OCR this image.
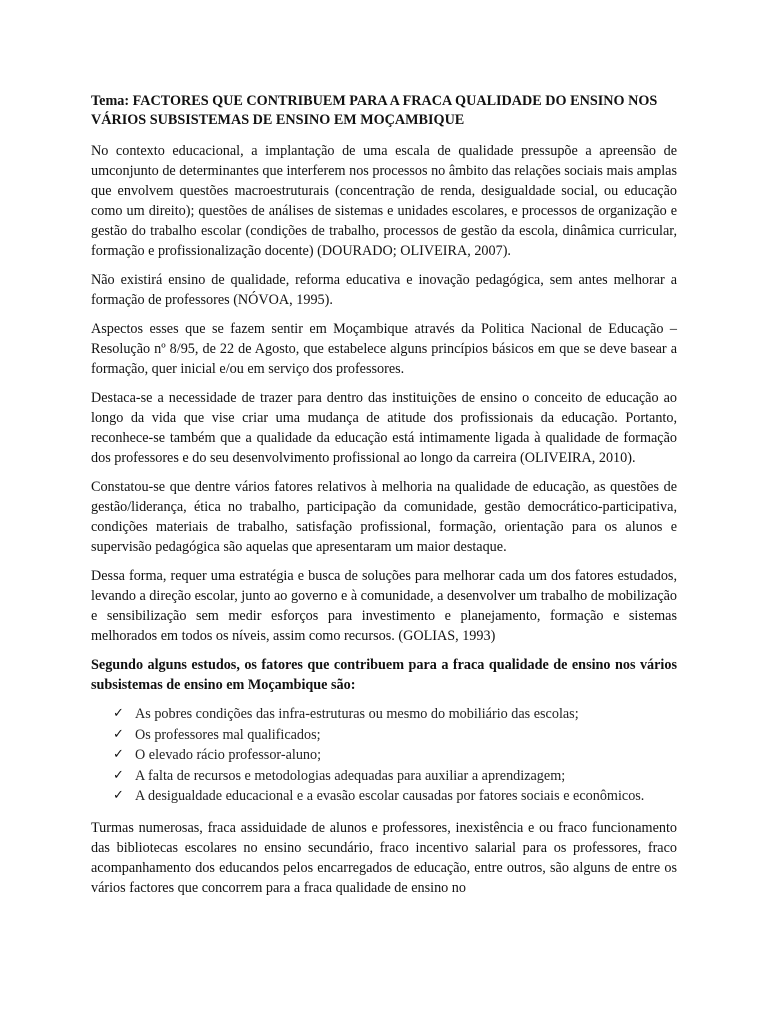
Tema: FACTORES QUE CONTRIBUEM PARA A FRACA QUALIDADE DO ENSINO NOS VÁRIOS SUBSISTEMAS DE ENSINO EM MOÇAMBIQUE

No contexto educacional, a implantação de uma escala de qualidade pressupõe a apreensão de umconjunto de determinantes que interferem nos processos no âmbito das relações sociais mais amplas que envolvem questões macroestruturais (concentração de renda, desigualdade social, ou educação como um direito); questões de análises de sistemas e unidades escolares, e processos de organização e gestão do trabalho escolar (condições de trabalho, processos de gestão da escola, dinâmica curricular, formação e profissionalização docente) (DOURADO; OLIVEIRA, 2007).

Não existirá ensino de qualidade, reforma educativa e inovação pedagógica, sem antes melhorar a formação de professores (NÓVOA, 1995).

Aspectos esses que se fazem sentir em Moçambique através da Politica Nacional de Educação – Resolução nº 8/95, de 22 de Agosto, que estabelece alguns princípios básicos em que se deve basear a formação, quer inicial e/ou em serviço dos professores.

Destaca-se a necessidade de trazer para dentro das instituições de ensino o conceito de educação ao longo da vida que vise criar uma mudança de atitude dos profissionais da educação. Portanto, reconhece-se também que a qualidade da educação está intimamente ligada à qualidade de formação dos professores e do seu desenvolvimento profissional ao longo da carreira (OLIVEIRA, 2010).

Constatou-se que dentre vários fatores relativos à melhoria na qualidade de educação, as questões de gestão/liderança, ética no trabalho, participação da comunidade, gestão democrático-participativa, condições materiais de trabalho, satisfação profissional, formação, orientação para os alunos e supervisão pedagógica são aquelas que apresentaram um maior destaque.

Dessa forma, requer uma estratégia e busca de soluções para melhorar cada um dos fatores estudados, levando a direção escolar, junto ao governo e à comunidade, a desenvolver um trabalho de mobilização e sensibilização sem medir esforços para investimento e planejamento, formação e sistemas melhorados em todos os níveis, assim como recursos. (GOLIAS, 1993)

Segundo alguns estudos, os fatores que contribuem para a fraca qualidade de ensino nos vários subsistemas de ensino em Moçambique são:

✓ As pobres condições das infra-estruturas ou mesmo do mobiliário das escolas;
✓ Os professores mal qualificados;
✓ O elevado rácio professor-aluno;
✓ A falta de recursos e metodologias adequadas para auxiliar a aprendizagem;
✓ A desigualdade educacional e a evasão escolar causadas por fatores sociais e econômicos.

Turmas numerosas, fraca assiduidade de alunos e professores, inexistência e ou fraco funcionamento das bibliotecas escolares no ensino secundário, fraco incentivo salarial para os professores, fraco acompanhamento dos educandos pelos encarregados de educação, entre outros, são alguns de entre os vários factores que concorrem para a fraca qualidade de ensino no
